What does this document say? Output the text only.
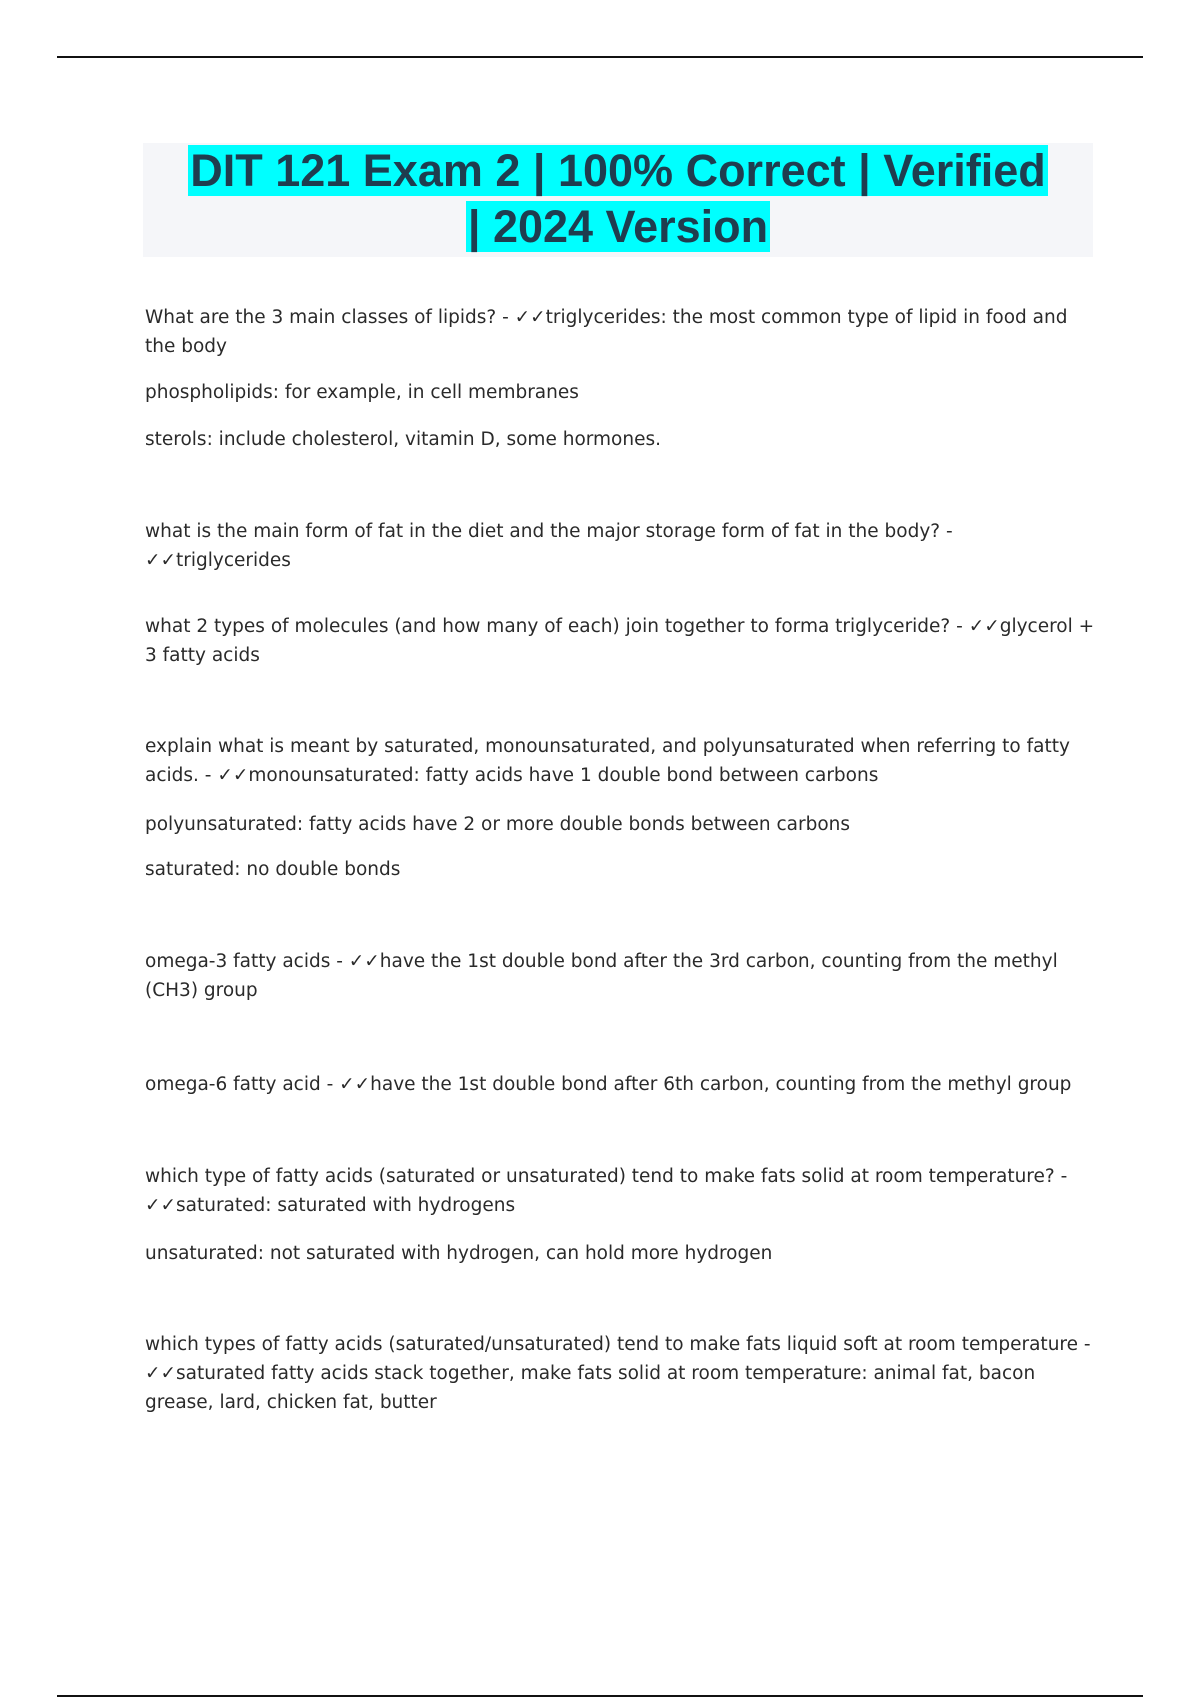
DIT 121 Exam 2 | 100% Correct | Verified
| 2024 Version

What are the 3 main classes of lipids? - ✓✓triglycerides: the most common type of lipid in food and the body

phospholipids: for example, in cell membranes

sterols: include cholesterol, vitamin D, some hormones.

what is the main form of fat in the diet and the major storage form of fat in the body? - ✓✓triglycerides

what 2 types of molecules (and how many of each) join together to forma triglyceride? - ✓✓glycerol + 3 fatty acids

explain what is meant by saturated, monounsaturated, and polyunsaturated when referring to fatty acids. - ✓✓monounsaturated: fatty acids have 1 double bond between carbons

polyunsaturated: fatty acids have 2 or more double bonds between carbons

saturated: no double bonds

omega-3 fatty acids - ✓✓have the 1st double bond after the 3rd carbon, counting from the methyl (CH3) group

omega-6 fatty acid - ✓✓have the 1st double bond after 6th carbon, counting from the methyl group

which type of fatty acids (saturated or unsaturated) tend to make fats solid at room temperature? - ✓✓saturated: saturated with hydrogens

unsaturated: not saturated with hydrogen, can hold more hydrogen

which types of fatty acids (saturated/unsaturated) tend to make fats liquid soft at room temperature - ✓✓saturated fatty acids stack together, make fats solid at room temperature: animal fat, bacon grease, lard, chicken fat, butter
